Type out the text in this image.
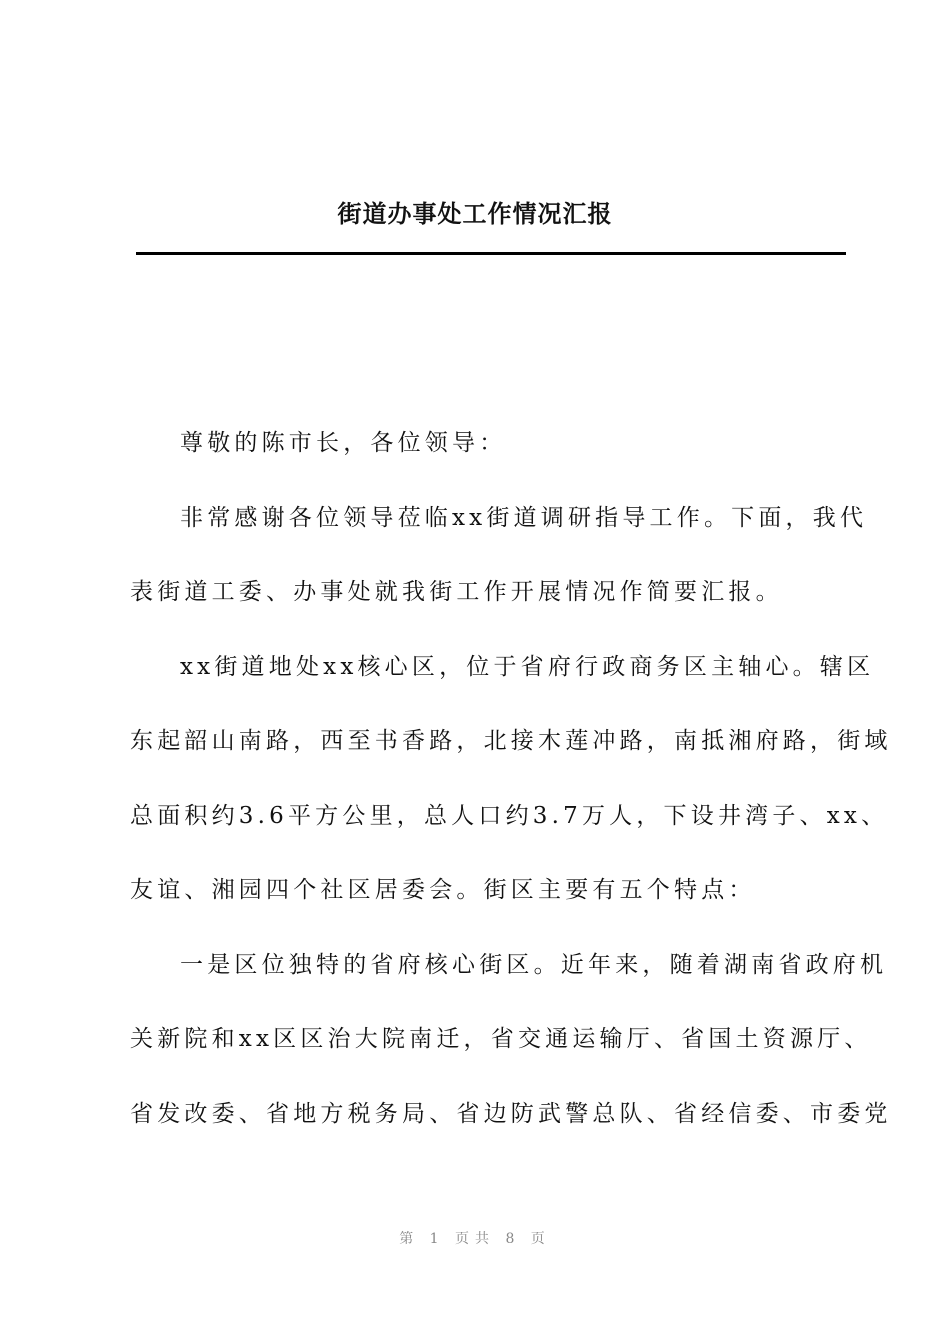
街道办事处工作情况汇报
尊敬的陈市长，各位领导：
非常感谢各位领导莅临xx街道调研指导工作。下面，我代
表街道工委、办事处就我街工作开展情况作简要汇报。
xx街道地处xx核心区，位于省府行政商务区主轴心。辖区
东起韶山南路，西至书香路，北接木莲冲路，南抵湘府路，街域
总面积约3.6平方公里，总人口约3.7万人，下设井湾子、xx、
友谊、湘园四个社区居委会。街区主要有五个特点：
一是区位独特的省府核心街区。近年来，随着湖南省政府机
关新院和xx区区治大院南迁，省交通运输厅、省国土资源厅、
省发改委、省地方税务局、省边防武警总队、省经信委、市委党
第 1 页共 8 页
